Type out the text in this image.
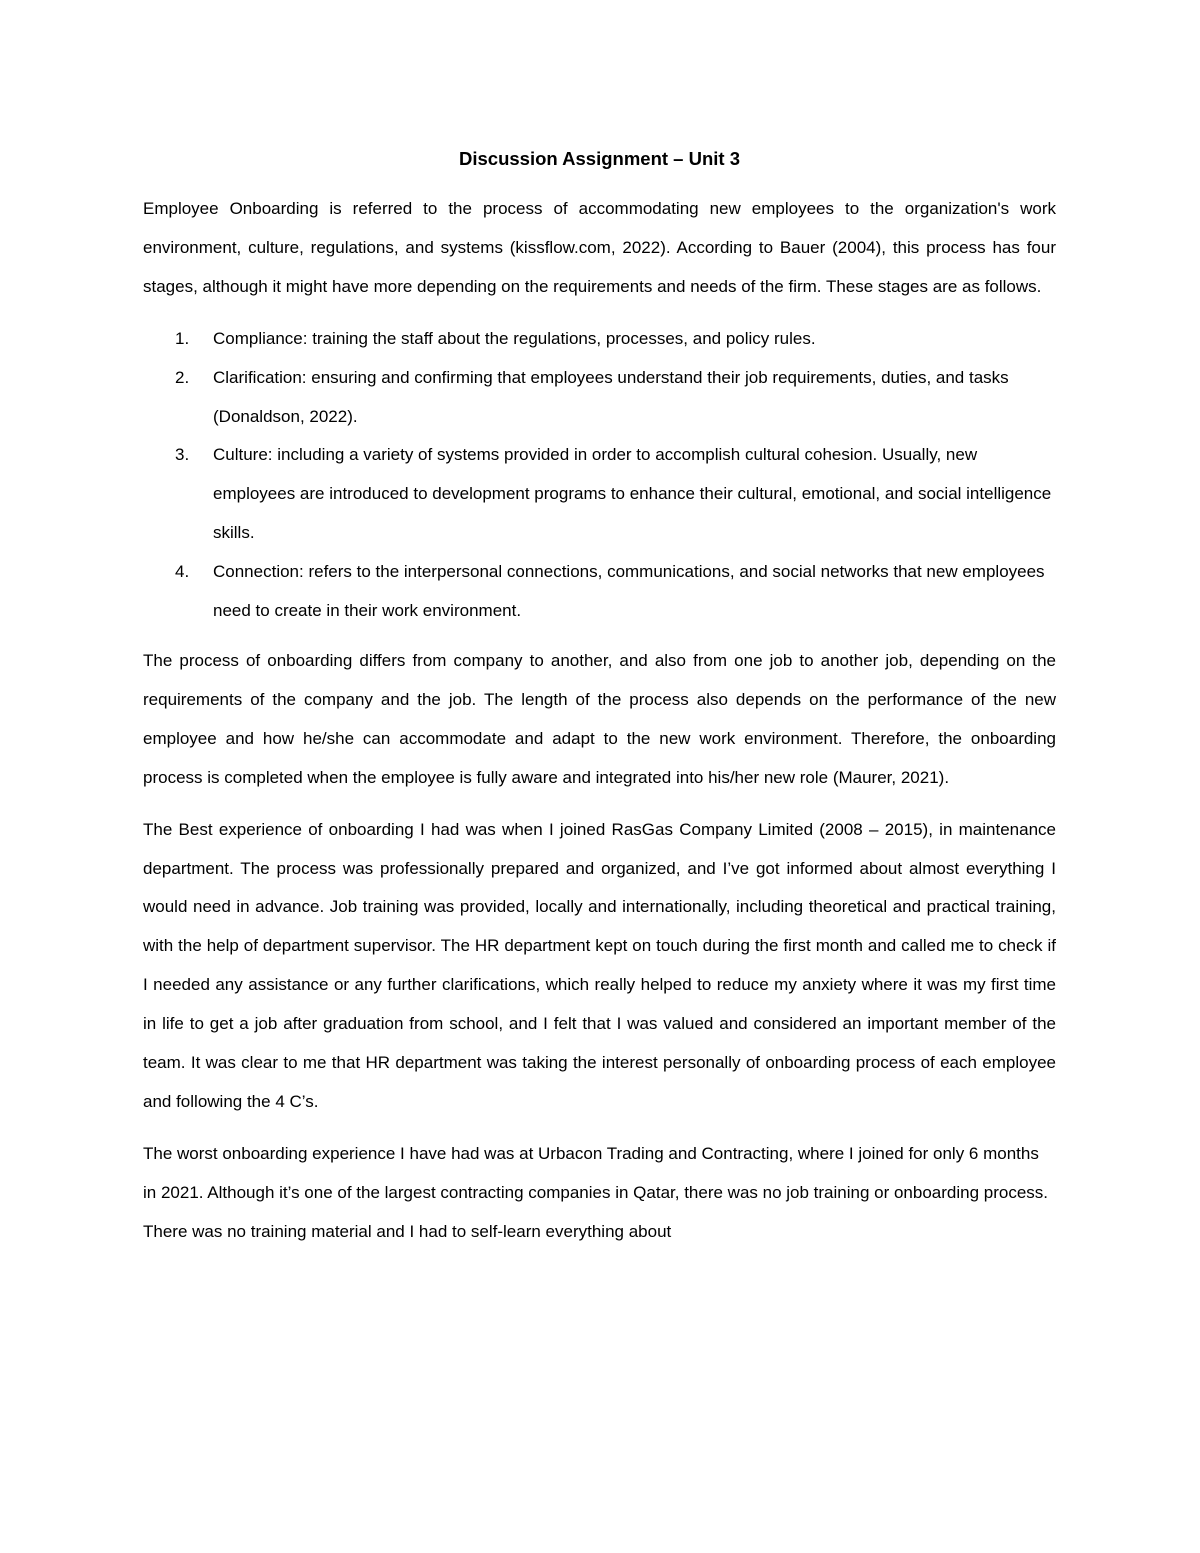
Discussion Assignment – Unit 3

Employee Onboarding is referred to the process of accommodating new employees to the organization's work environment, culture, regulations, and systems (kissflow.com, 2022). According to Bauer (2004), this process has four stages, although it might have more depending on the requirements and needs of the firm. These stages are as follows.

1. Compliance: training the staff about the regulations, processes, and policy rules.
2. Clarification: ensuring and confirming that employees understand their job requirements, duties, and tasks (Donaldson, 2022).
3. Culture: including a variety of systems provided in order to accomplish cultural cohesion. Usually, new employees are introduced to development programs to enhance their cultural, emotional, and social intelligence skills.
4. Connection: refers to the interpersonal connections, communications, and social networks that new employees need to create in their work environment.

The process of onboarding differs from company to another, and also from one job to another job, depending on the requirements of the company and the job. The length of the process also depends on the performance of the new employee and how he/she can accommodate and adapt to the new work environment. Therefore, the onboarding process is completed when the employee is fully aware and integrated into his/her new role (Maurer, 2021).

The Best experience of onboarding I had was when I joined RasGas Company Limited (2008 – 2015), in maintenance department. The process was professionally prepared and organized, and I’ve got informed about almost everything I would need in advance. Job training was provided, locally and internationally, including theoretical and practical training, with the help of department supervisor. The HR department kept on touch during the first month and called me to check if I needed any assistance or any further clarifications, which really helped to reduce my anxiety where it was my first time in life to get a job after graduation from school, and I felt that I was valued and considered an important member of the team. It was clear to me that HR department was taking the interest personally of onboarding process of each employee and following the 4 C’s.

The worst onboarding experience I have had was at Urbacon Trading and Contracting, where I joined for only 6 months in 2021. Although it’s one of the largest contracting companies in Qatar, there was no job training or onboarding process. There was no training material and I had to self-learn everything about
